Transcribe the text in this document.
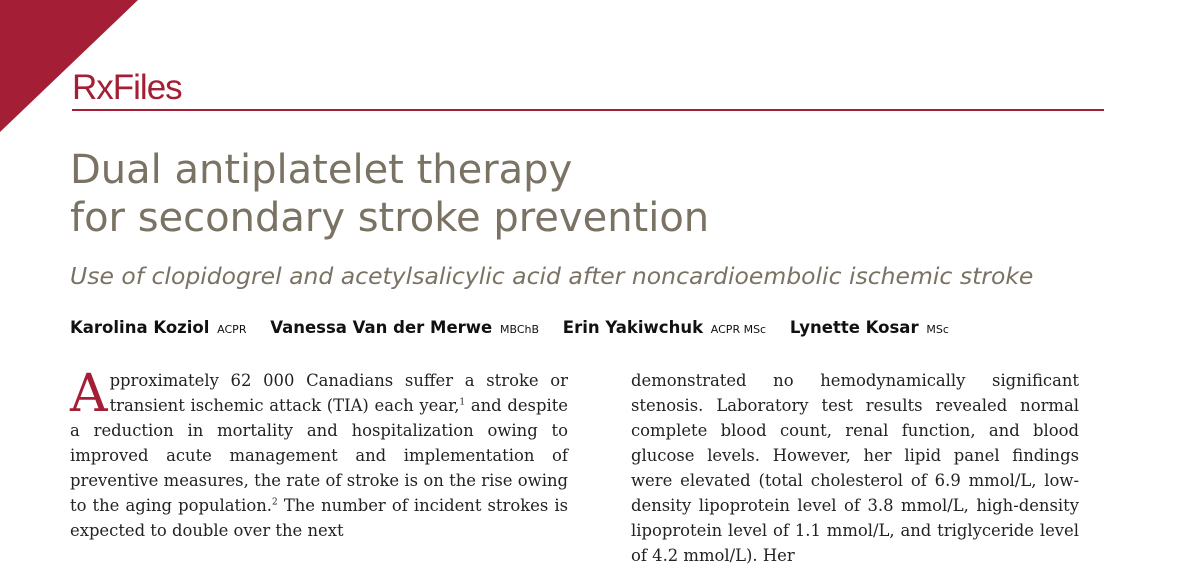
RxFiles
Dual antiplatelet therapy
for secondary stroke prevention
Use of clopidogrel and acetylsalicylic acid after noncardioembolic ischemic stroke
Karolina Koziol ACPR Vanessa Van der Merwe MBChB Erin Yakiwchuk ACPR MSc Lynette Kosar MSc

Approximately 62 000 Canadians suffer a stroke or transient ischemic attack (TIA) each year,$^1$ and despite a reduction in mortality and hospitalization owing to improved acute management and implementation of preventive measures, the rate of stroke is on the rise owing to the aging population.$^2$ The number of incident strokes is expected to double over the next

demonstrated no hemodynamically significant stenosis. Laboratory test results revealed normal complete blood count, renal function, and blood glucose levels. However, her lipid panel findings were elevated (total cholesterol of 6.9 mmol/L, low-density lipoprotein level of 3.8 mmol/L, high-density lipoprotein level of 1.1 mmol/L, and triglyceride level of 4.2 mmol/L). Her
